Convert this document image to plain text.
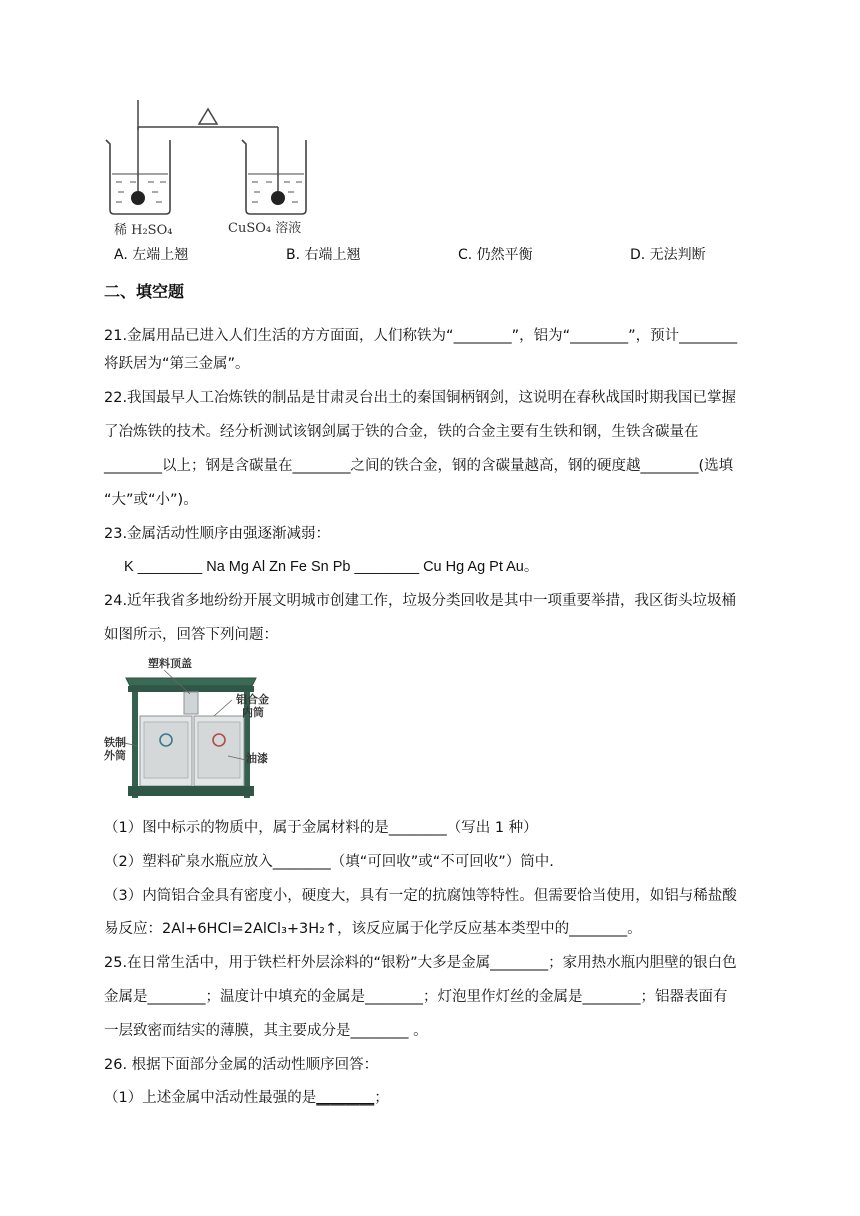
稀 H₂SO₄	CuSO₄ 溶液
A. 左端上翘	B. 右端上翘	C. 仍然平衡	D. 无法判断
二、填空题
21.金属用品已进入人们生活的方方面面，人们称铁为“________”，铝为“________”，预计________
将跃居为“第三金属”。
22.我国最早人工冶炼铁的制品是甘肃灵台出土的秦国铜柄钢剑，这说明在春秋战国时期我国已掌握
了冶炼铁的技术。经分析测试该钢剑属于铁的合金，铁的合金主要有生铁和钢，生铁含碳量在
________以上；钢是含碳量在________之间的铁合金，钢的含碳量越高，钢的硬度越________(选填
“大”或“小”)。
23.金属活动性顺序由强逐渐减弱：
K ________ Na Mg Al Zn Fe Sn Pb ________ Cu Hg Ag Pt Au。
24.近年我省多地纷纷开展文明城市创建工作，垃圾分类回收是其中一项重要举措，我区街头垃圾桶
如图所示，回答下列问题：
塑料顶盖
铝合金
内筒
铁制
外筒	油漆
（1）图中标示的物质中，属于金属材料的是________（写出 1 种）
（2）塑料矿泉水瓶应放入________（填“可回收”或“不可回收”）筒中.
（3）内筒铝合金具有密度小，硬度大，具有一定的抗腐蚀等特性。但需要恰当使用，如铝与稀盐酸
易反应：2Al+6HCl=2AlCl₃+3H₂↑，该反应属于化学反应基本类型中的________。
25.在日常生活中，用于铁栏杆外层涂料的“银粉”大多是金属________；家用热水瓶内胆壁的银白色
金属是________；温度计中填充的金属是________；灯泡里作灯丝的金属是________；铝器表面有
一层致密而结实的薄膜，其主要成分是________ 。
26. 根据下面部分金属的活动性顺序回答：
（1）上述金属中活动性最强的是________；
